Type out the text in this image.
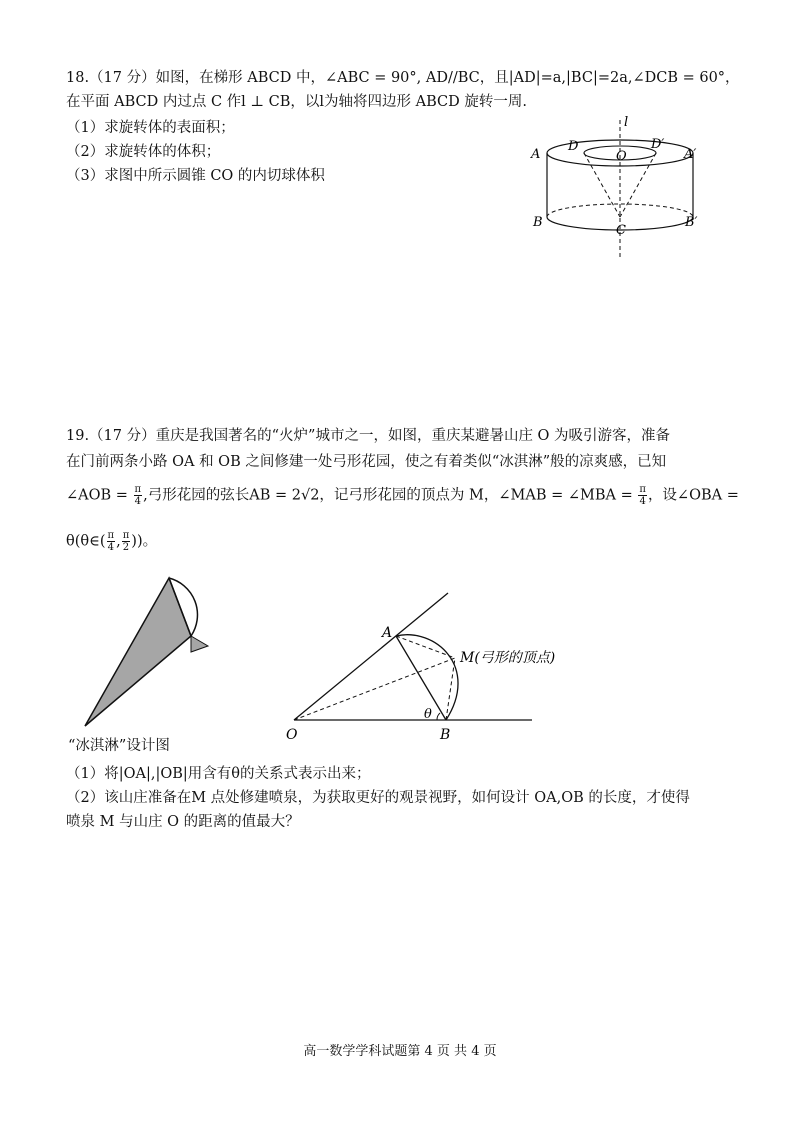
18.（17 分）如图，在梯形 ABCD 中，∠ABC = 90°, AD//BC，且|AD|=a,|BC|=2a,∠DCB = 60°，
在平面 ABCD 内过点 C 作l ⊥ CB，以l为轴将四边形 ABCD 旋转一周.
（1）求旋转体的表面积；
（2）求旋转体的体积；
（3）求图中所示圆锥 CO 的内切球体积
l
A
D
O
D′
A′
B
C
B′
19.（17 分）重庆是我国著名的“火炉”城市之一，如图，重庆某避暑山庄 O 为吸引游客，准备
在门前两条小路 OA 和 OB 之间修建一处弓形花园，使之有着类似“冰淇淋”般的凉爽感，已知
∠AOB = $\frac{\pi}{4}$ ,弓形花园的弦长AB = 2√2，记弓形花园的顶点为 M，∠MAB = ∠MBA = $\frac{\pi}{4}$ ，设∠OBA =
θ(θ∈( $\frac{\pi}{4}$ , $\frac{\pi}{2}$ ))。
“冰淇淋”设计图
A
M(弓形的顶点)
O	B
θ
（1）将|OA|,|OB|用含有θ的关系式表示出来；
（2）该山庄准备在M 点处修建喷泉，为获取更好的观景视野，如何设计 OA,OB 的长度，才使得
喷泉 M 与山庄 O 的距离的值最大？
高一数学学科试题第 4 页 共 4 页
